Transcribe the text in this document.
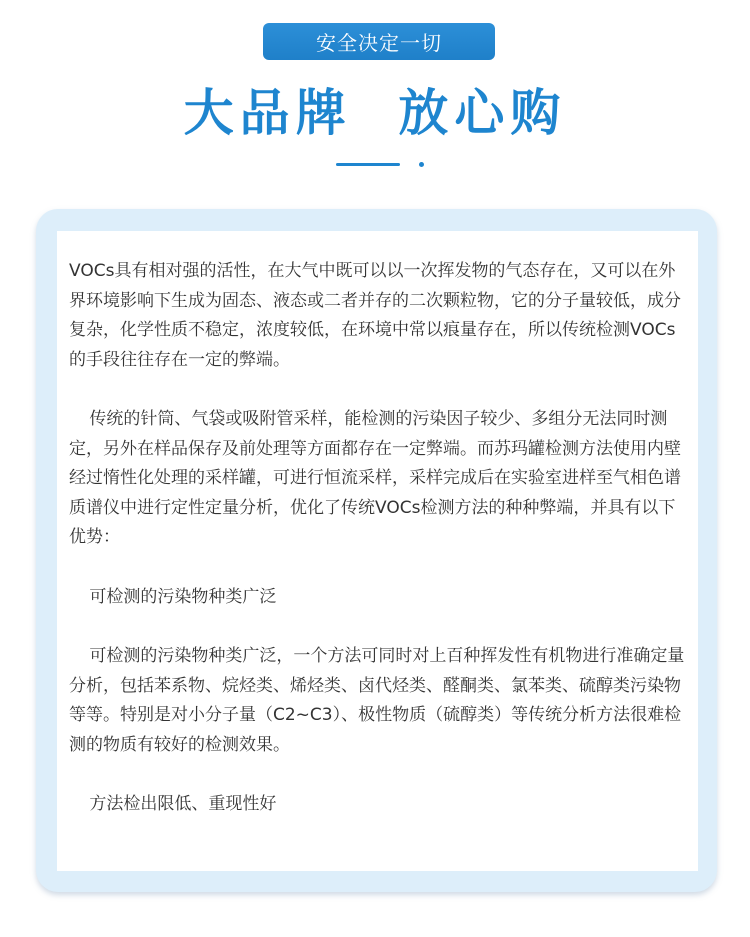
安全决定一切
大品牌  放心购

VOCs具有相对强的活性，在大气中既可以以一次挥发物的气态存在，又可以在外界环境影响下生成为固态、液态或二者并存的二次颗粒物，它的分子量较低，成分复杂，化学性质不稳定，浓度较低，在环境中常以痕量存在，所以传统检测VOCs的手段往往存在一定的弊端。

传统的针筒、气袋或吸附管采样，能检测的污染因子较少、多组分无法同时测定，另外在样品保存及前处理等方面都存在一定弊端。而苏玛罐检测方法使用内壁经过惰性化处理的采样罐，可进行恒流采样，采样完成后在实验室进样至气相色谱质谱仪中进行定性定量分析，优化了传统VOCs检测方法的种种弊端，并具有以下优势：

可检测的污染物种类广泛

可检测的污染物种类广泛，一个方法可同时对上百种挥发性有机物进行准确定量分析，包括苯系物、烷烃类、烯烃类、卤代烃类、醛酮类、氯苯类、硫醇类污染物等等。特别是对小分子量（C2~C3）、极性物质（硫醇类）等传统分析方法很难检测的物质有较好的检测效果。

方法检出限低、重现性好
